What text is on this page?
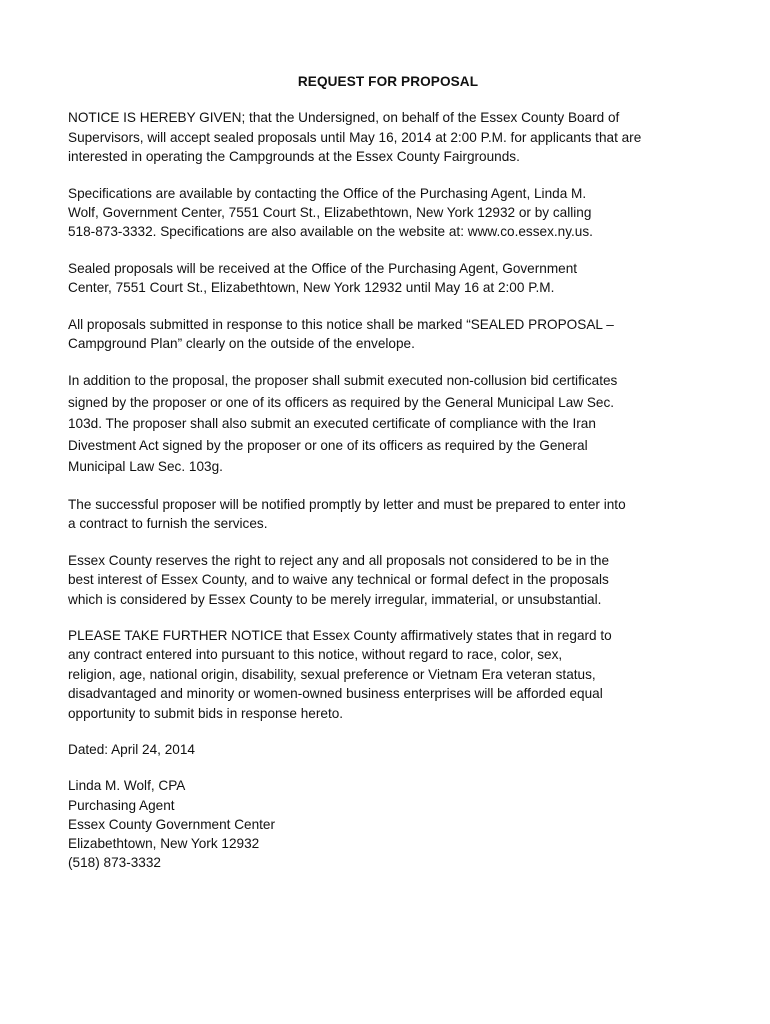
REQUEST FOR PROPOSAL
NOTICE IS HEREBY GIVEN; that the Undersigned, on behalf of the Essex County Board of
Supervisors, will accept sealed proposals until May 16, 2014 at 2:00 P.M. for applicants that are
interested in operating the Campgrounds at the Essex County Fairgrounds.
Specifications are available by contacting the Office of the Purchasing Agent, Linda M.
Wolf, Government Center, 7551 Court St., Elizabethtown, New York 12932 or by calling
518-873-3332. Specifications are also available on the website at: www.co.essex.ny.us.
Sealed proposals will be received at the Office of the Purchasing Agent, Government
Center, 7551 Court St., Elizabethtown, New York 12932 until May 16 at 2:00 P.M.
All proposals submitted in response to this notice shall be marked “SEALED PROPOSAL –
Campground Plan” clearly on the outside of the envelope.
In addition to the proposal, the proposer shall submit executed non-collusion bid certificates
signed by the proposer or one of its officers as required by the General Municipal Law Sec.
103d. The proposer shall also submit an executed certificate of compliance with the Iran
Divestment Act signed by the proposer or one of its officers as required by the General
Municipal Law Sec. 103g.
The successful proposer will be notified promptly by letter and must be prepared to enter into
a contract to furnish the services.
Essex County reserves the right to reject any and all proposals not considered to be in the
best interest of Essex County, and to waive any technical or formal defect in the proposals
which is considered by Essex County to be merely irregular, immaterial, or unsubstantial.
PLEASE TAKE FURTHER NOTICE that Essex County affirmatively states that in regard to
any contract entered into pursuant to this notice, without regard to race, color, sex,
religion, age, national origin, disability, sexual preference or Vietnam Era veteran status,
disadvantaged and minority or women-owned business enterprises will be afforded equal
opportunity to submit bids in response hereto.
Dated: April 24, 2014
Linda M. Wolf, CPA
Purchasing Agent
Essex County Government Center
Elizabethtown, New York 12932
(518) 873-3332
